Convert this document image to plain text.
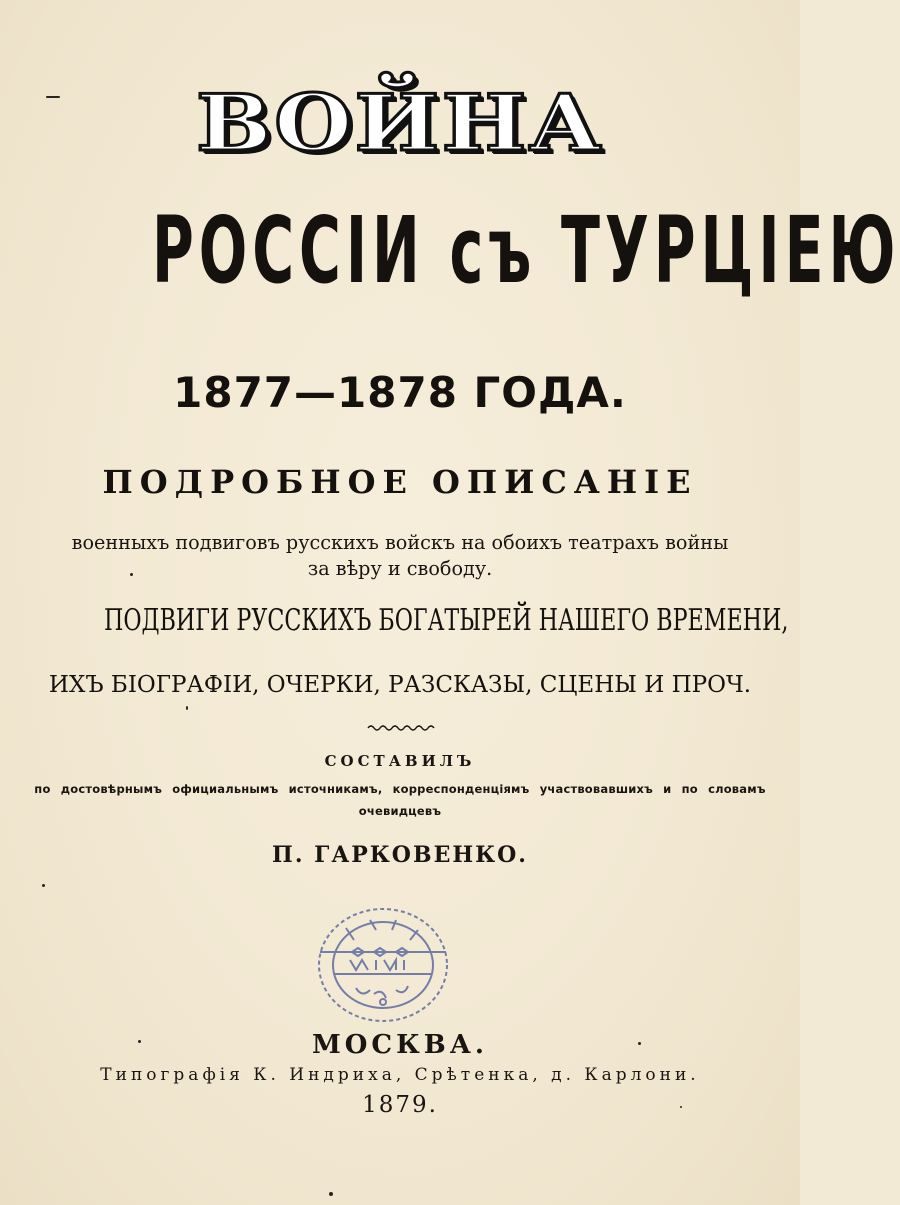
ВОЙНА
РОССІИ съ ТУРЦІЕЮ
1877—1878 ГОДА.
ПОДРОБНОЕ ОПИСАНІЕ
военныхъ подвиговъ русскихъ войскъ на обоихъ театрахъ войны
за вѣру и свободу.
ПОДВИГИ РУССКИХЪ БОГАТЫРЕЙ НАШЕГО ВРЕМЕНИ,
ИХЪ БІОГРАФІИ, ОЧЕРКИ, РАЗСКАЗЫ, СЦЕНЫ И ПРОЧ.
СОСТАВИЛЪ
по достовѣрнымъ официальнымъ источникамъ, корреспонденціямъ участвовавшихъ и по словамъ
очевидцевъ
П. ГАРКОВЕНКО.
МОСКВА.
Типографія К. Индриха, Срѣтенка, д. Карлони.
1879.
